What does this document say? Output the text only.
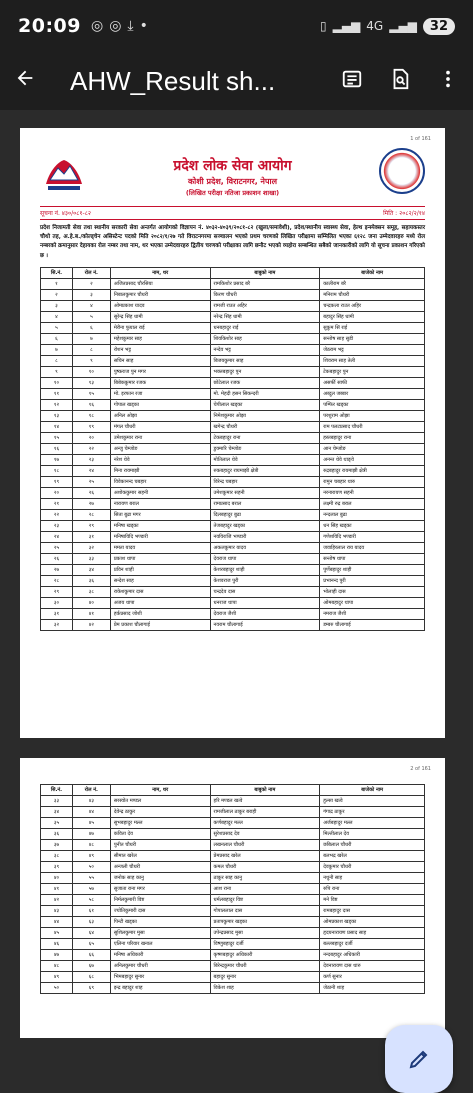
20:09 ◎ ◎ ⤓ •	▯ ▂▄▆ 4G ▂▄▆	32
AHW_Result sh...
1 of 161
प्रदेश लोक सेवा आयोग
कोशी प्रदेश, विराटनगर, नेपाल
(लिखित परीक्षा नतिजा प्रकाशन शाखा)
सूचना नं. ४३०/०८१-८२	मिति : २०८२/२/१४
प्रदेश निजामती सेवा तथा स्थानीय सरकारी सेवा अन्तर्गत आयोगको विज्ञापन नं. ४०३२-४०३९/२०८१-८२ (खुला/समावेशी), प्रदेश/स्थानीय स्वास्थ्य सेवा, हेल्थ इन्स्पेक्सन समूह, सहायकस्तर चौथो तह, अ.हे.ब./कोल्ड्चेन असिस्टेन्ट पदको मिति २०८२/१/२७ गते विराटनगरमा सञ्चालन भएको प्रथम चरणको लिखित परीक्षामा सम्मिलित भएका ६१२८ जना उम्मेदवारहरु मध्ये रोल नम्बरको क्रमानुसार देहायका रोल नम्बर तथा नाम, थर भएका उम्मेदवारहरु द्वितीय चरणको परीक्षाका लागि छनौट भएको व्यहोरा सम्बन्धित सबैको जानकारीको लागि यो सूचना प्रकाशन गरिएको छ ।
सि.नं.	रोल नं.	नाम, थर	बाबुको नाम	बाजेको नाम
१	२	अजितप्रसाद चौरसिया	रामकिशोर प्रसाद बरै	कालीराम बरै
२	३	निबालकुमार चौधरी	किरण चौधरी	मनिराम चौधरी
३	४	ओमप्रकाश यादव	रामजी राउत अहिर	चन्द्रकला राउत अहिर
४	५	सुरेन्द्र सिंह धामी	नरेन्द्र सिंह धामी	बहादुर सिंह धामी
५	६	मेरीना फुयाल राई	धनबहादुर राई	सुकुम सिं राई
६	७	महेशकुमार साह	शिवकिशोर साह	सन्तोष साह सुडी
७	८	रोशन भट्ट	नन्देव भट्ट	जेठराम भट्ट
८	९	सचिन साह	बिजयकुमार साह	शिवराम साह तेली
९	१०	पुष्कराज पुन मगर	भक्तबहादुर पुन	टेकबहादुर पुन
१०	१३	बिबेककुमार रजक	छोटेलाल रजक	असर्फी साफी
११	१५	मो. इरफान रजा	मो. मेहदी हसन सिकन्दरी	अब्दुल जब्बार
१२	१६	गोपाल खड्का	चेपीलाल खड्का	पम्फिर खड्का
१३	१८	अनिल ओझा	निमेशकुमार ओझा	परशुराम ओझा
१४	१९	मंगल चौधरी	खगेन्द्र चौधरी	राम पलटप्रसाद चौधरी
१५	२०	उमेशकुमार राना	टेकबहादुर राना	हस्तबहादुर राना
१६	२२	अन्जु चेम्जोङ	डुक्मारि चेम्जोङ	आन चेम्जोङ
१७	२३	नरेश थेवे	मोतिलाल थेवे	अनन्त थेवे थाङ्वे
१८	२४	मिना रायमाझी	रुकबहादुर रायमाझी क्षेत्री	रुद्रबहादुर रायमाझी क्षेत्री
१९	२५	विवेकानन्द चबहार	विरेन्द्र चबहार	रामुन चबहार थारु
२०	२६	अशोककुमार सहनी	उमेशकुमार सहनी	नरनारायण सहनी
२१	२७	नारायण बराल	रामप्रसाद बराल	लक्ष्मी रुद्र बराल
२२	२८	सिता बुढा मगर	दिलबहादुर बुढा	नन्दलाल बुढा
२३	२९	मनिषा खड्का	तेजबहादुर खड्का	धन सिंह खड्का
२४	३१	मनिषाविदि भण्डारी	नवविराजि भण्डारी	गणेशविदि भण्डारी
२५	३२	ममता यादव	अकलकुमार यादव	जवाहिरलाल राय यादव
२६	३३	प्रकाश थापा	देवराज थापा	सन्तोष थापा
२७	३४	प्रविन शाही	केशरबहादुर शाही	पुर्णेबहादुर शाही
२८	३६	सन्देश साह	केशवराज पुरी	प्रभानन्द पुरी
२९	३८	राकेशकुमार दास	चन्द्रदेव दास	भोलाही दास
३०	४०	अजय थापा	धनराज थापा	ओमबहादुर थापा
३१	४१	हर्कप्रसाद जोशी	देवराज जैशी	नमराज जैशी
३२	४२	प्रेम प्रकाश चौलागाई	नवराम चौलागाई	डम्बरु चौलागाई
2 of 161
सि.नं.	रोल नं.	नाम, थर	बाबुको नाम	बाजेको नाम
३३	४३	सरस्वोत मण्डल	हरि मण्डल खत्वे	हुल्सा खत्वे
३४	४४	देवेन्द्र ठाकुर	रामजीलाल ठाकुर बराही	गंगाद्र ठाकुर
३५	४५	सुभबहादुर मल्ल	कर्णबहादुर मल्ल	अर्जबहादुर मल्ल
३६	४७	कविता देव	सुरेशप्रसाद देव	मिल्तीलाल देव
३७	४८	पुनीत चौधरी	लखनलाल चौधरी	छबिलाल चौधरी
३८	४९	सीमात खरेल	प्रेमप्रसाद खरेल	बलभद्र खरेल
३९	५०	अन्जली चौधरी	कमल चौधरी	देवकुमार चौधरी
४०	५५	जनोक साह कानु	ठाकुर साह कानु	नथुनी साह
४१	५७	सुजाता राना मगर	आश राना	रुपि राना
४२	५८	निर्मलकुमारी विष्ट	धर्मलबहादुर विष्ट	मने विष्ट
४३	६१	ज्योतिकुमारी दास	गोपाललाल दास	रामबहादुर दास
४४	६३	पिन्टी खड्का	प्रतापकुमार खड्का	ओमप्रकाश खड्का
४५	६४	सुशिलकुमार मुसा	उपेन्द्रप्रसाद मुसा	हृदयनारायण प्रसाद साह
४६	६५	एलिना परियार खनाल	विष्णुबहादुर दर्जी	बल्लबहादुर दर्जी
४७	६६	मनिषा अधिकारी	कृष्णबहादुर अधिकारी	नन्दबहादुर अधिकारी
४८	६७	अनिलकुमार चौधरी	बिरेन्द्रकुमार चौधरी	देवनारायण दास थारु
४९	६८	भिमबहादुर सुनार	बहादुर सुनार	कर्ण सुनार
५०	६९	इन्द्र बहादुर शाह	विकेश शाह	जेठानी शाह
